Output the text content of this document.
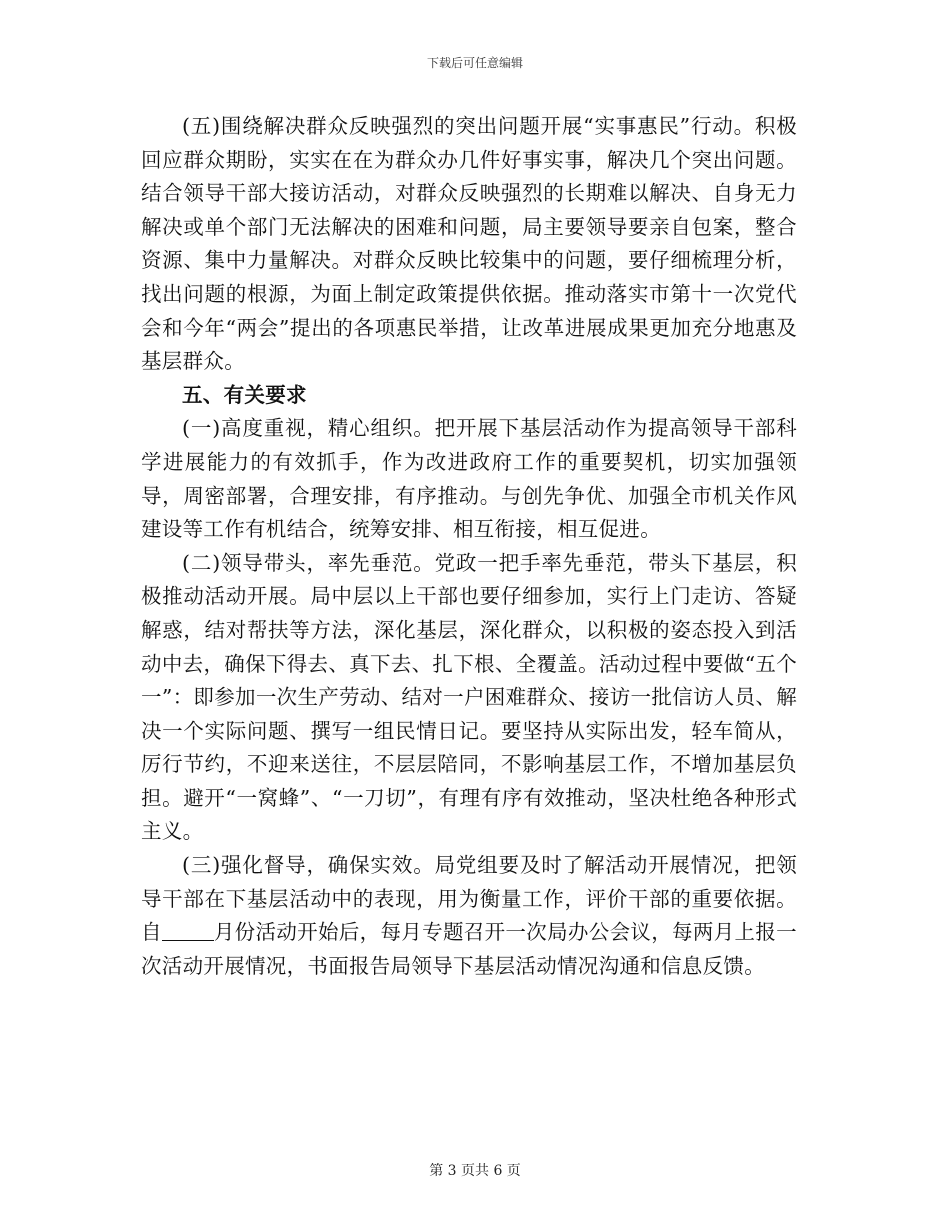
下载后可任意编辑

(五)围绕解决群众反映强烈的突出问题开展“实事惠民”行动。积极回应群众期盼，实实在在为群众办几件好事实事，解决几个突出问题。结合领导干部大接访活动，对群众反映强烈的长期难以解决、自身无力解决或单个部门无法解决的困难和问题，局主要领导要亲自包案，整合资源、集中力量解决。对群众反映比较集中的问题，要仔细梳理分析，找出问题的根源，为面上制定政策提供依据。推动落实市第十一次党代会和今年“两会”提出的各项惠民举措，让改革进展成果更加充分地惠及基层群众。

五、有关要求

(一)高度重视，精心组织。把开展下基层活动作为提高领导干部科学进展能力的有效抓手，作为改进政府工作的重要契机，切实加强领导，周密部署，合理安排，有序推动。与创先争优、加强全市机关作风建设等工作有机结合，统筹安排、相互衔接，相互促进。

(二)领导带头，率先垂范。党政一把手率先垂范，带头下基层，积极推动活动开展。局中层以上干部也要仔细参加，实行上门走访、答疑解惑，结对帮扶等方法，深化基层，深化群众，以积极的姿态投入到活动中去，确保下得去、真下去、扎下根、全覆盖。活动过程中要做“五个一”：即参加一次生产劳动、结对一户困难群众、接访一批信访人员、解决一个实际问题、撰写一组民情日记。要坚持从实际出发，轻车简从，厉行节约，不迎来送往，不层层陪同，不影响基层工作，不增加基层负担。避开“一窝蜂”、“一刀切”，有理有序有效推动，坚决杜绝各种形式主义。

(三)强化督导，确保实效。局党组要及时了解活动开展情况，把领导干部在下基层活动中的表现，用为衡量工作，评价干部的重要依据。自	月份活动开始后，每月专题召开一次局办公会议，每两月上报一次活动开展情况，书面报告局领导下基层活动情况沟通和信息反馈。

第 3 页共 6 页
